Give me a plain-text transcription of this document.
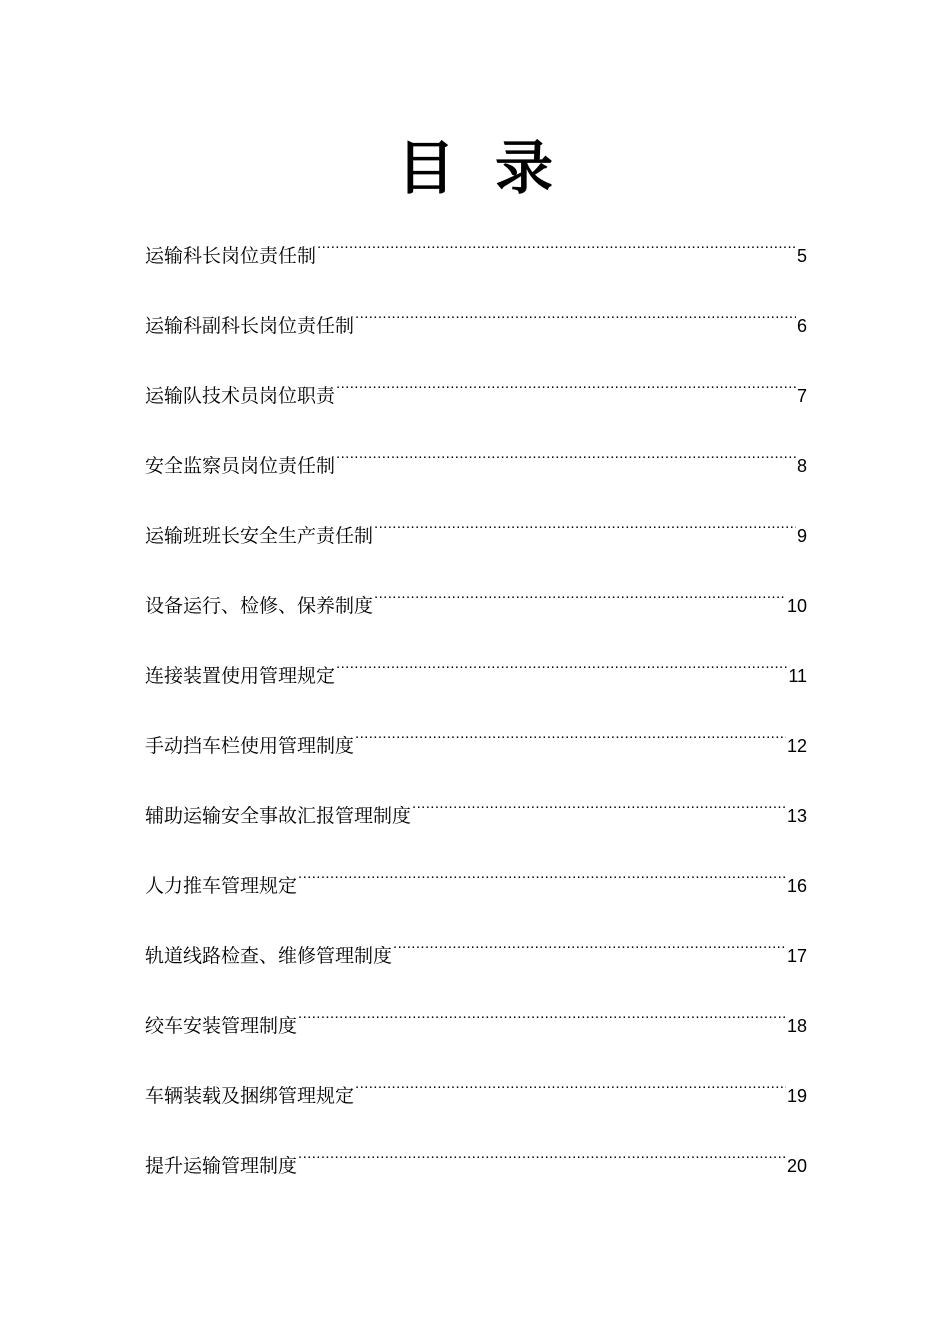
目 录
运输科长岗位责任制 .....	5
运输科副科长岗位责任制 .....	6
运输队技术员岗位职责 .....	7
安全监察员岗位责任制 .....	8
运输班班长安全生产责任制 .....	9
设备运行、检修、保养制度 .....	10
连接装置使用管理规定 .....	11
手动挡车栏使用管理制度 .....	12
辅助运输安全事故汇报管理制度 .....	13
人力推车管理规定 .....	16
轨道线路检查、维修管理制度 .....	17
绞车安装管理制度 .....	18
车辆装载及捆绑管理规定 .....	19
提升运输管理制度 .....	20
